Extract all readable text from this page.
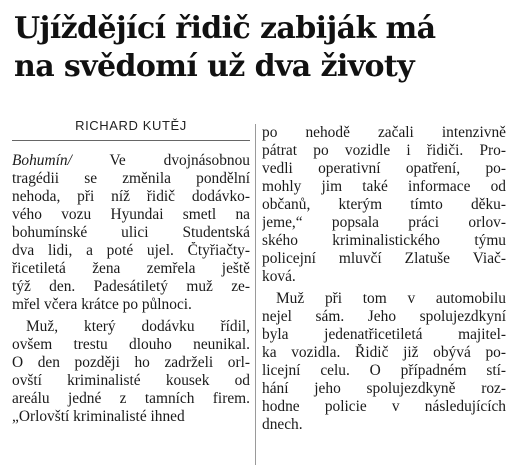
Ujíždějící řidič zabiják má
na svědomí už dva životy
RICHARD KUTĚJ
Bohumín/ Ve dvojnásobnou
tragédii se změnila pondělní
nehoda, při níž řidič dodávko-
vého vozu Hyundai smetl na
bohumínské ulici Studentská
dva lidi, a poté ujel. Čtyřiačty-
řicetiletá žena zemřela ještě
týž den. Padesátiletý muž ze-
mřel včera krátce po půlnoci.
Muž, který dodávku řídil,
ovšem trestu dlouho neunikal.
O den později ho zadrželi orl-
ovští kriminalisté kousek od
areálu jedné z tamních firem.
„Orlovští kriminalisté ihned
po nehodě začali intenzivně
pátrat po vozidle i řidiči. Pro-
vedli operativní opatření, po-
mohly jim také informace od
občanů, kterým tímto děku-
jeme,“ popsala práci orlov-
ského kriminalistického týmu
policejní mluvčí Zlatuše Viač-
ková.
Muž při tom v automobilu
nejel sám. Jeho spolujezdkyní
byla jedenatřicetiletá majitel-
ka vozidla. Řidič již obývá po-
licejní celu. O případném stí-
hání jeho spolujezdkyně roz-
hodne policie v následujících
dnech.
